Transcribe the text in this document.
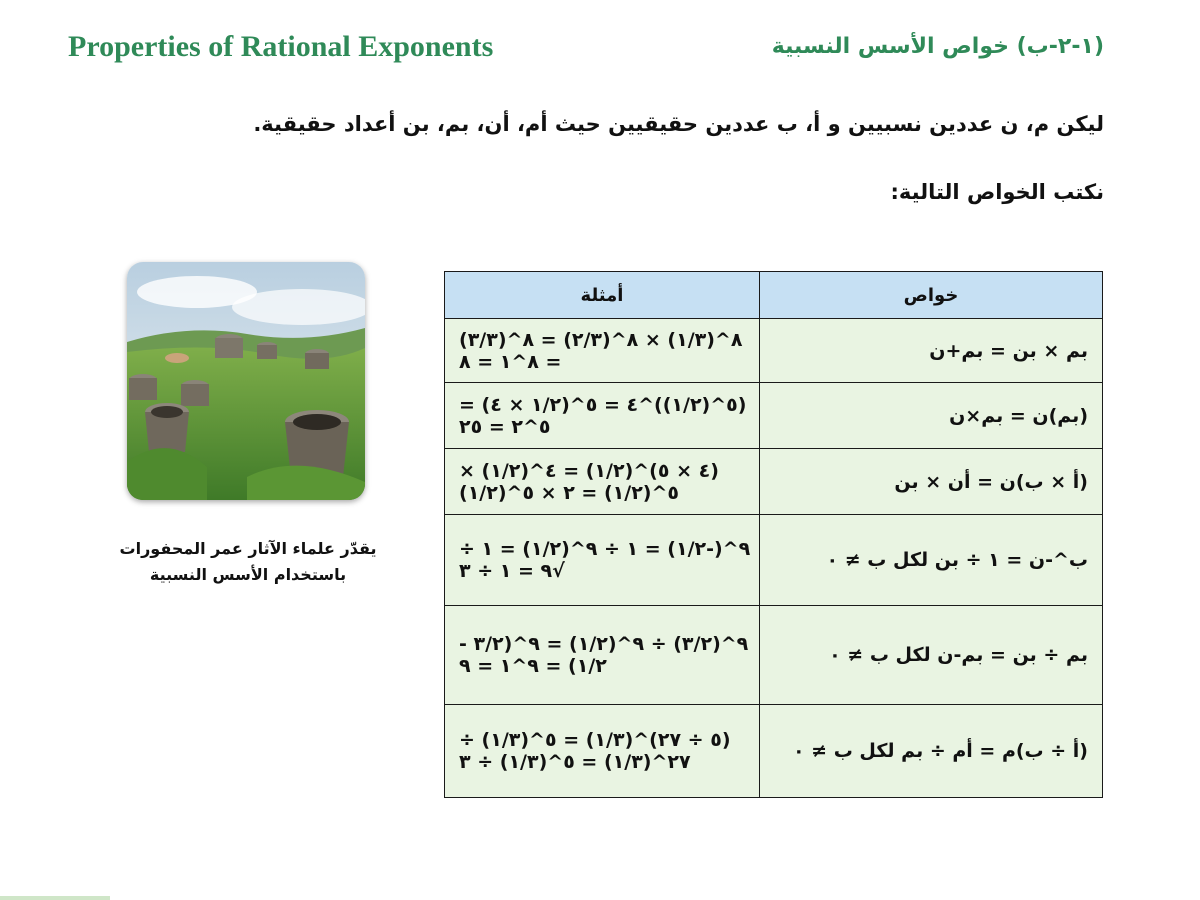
Properties of Rational Exponents	(١-٢-ب) خواص الأسس النسبية
ليكن م، ن عددين نسبيين و أ، ب عددين حقيقيين حيث أم، أن، بم، بن أعداد حقيقية.
نكتب الخواص التالية:
يقدّر علماء الآثار عمر المحفورات
باستخدام الأسس النسبية
خواص	أمثلة
بم × بن = بم+ن	٨^(١/٣) × ٨^(٢/٣) = ٨^(٣/٣) = ٨^١ = ٨
(بم)ن = بم×ن	(٥^(١/٢))^٤ = ٥^(١/٢ × ٤) = ٥^٢ = ٢٥
(أ × ب)ن = أن × بن	(٤ × ٥)^(١/٢) = ٤^(١/٢) × ٥^(١/٢) = ٢ × ٥^(١/٢)
ب^-ن = ١ ÷ بن لكل ب ≠ ٠	٩^(-١/٢) = ١ ÷ ٩^(١/٢) = ١ ÷ √٩ = ١ ÷ ٣
بم ÷ بن = بم-ن لكل ب ≠ ٠	٩^(٣/٢) ÷ ٩^(١/٢) = ٩^(٣/٢ - ١/٢) = ٩^١ = ٩
(أ ÷ ب)م = أم ÷ بم لكل ب ≠ ٠	(٥ ÷ ٢٧)^(١/٣) = ٥^(١/٣) ÷ ٢٧^(١/٣) = ٥^(١/٣) ÷ ٣
